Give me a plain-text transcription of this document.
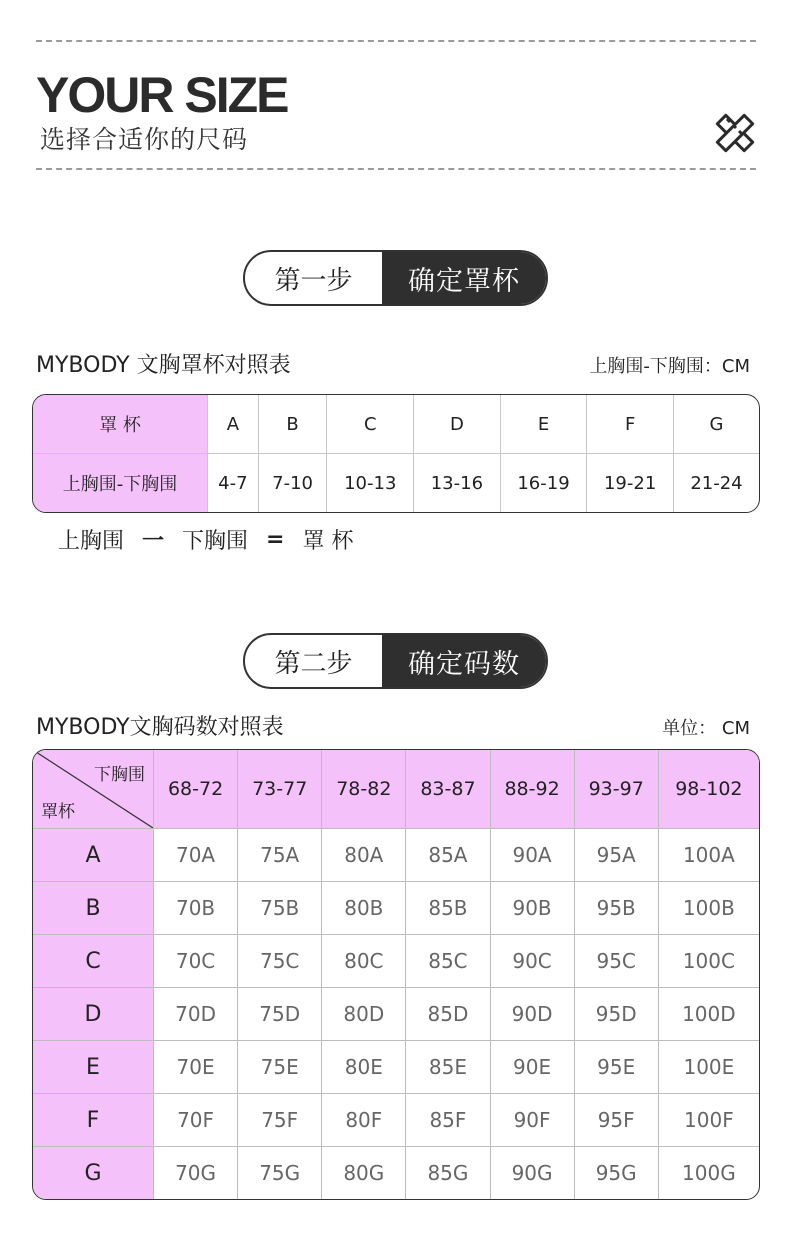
YOUR SIZE
选择合适你的尺码
第一步	确定罩杯
MYBODY 文胸罩杯对照表	上胸围-下胸围：CM
罩 杯	A	B	C	D	E	F	G
上胸围-下胸围	4-7	7-10	10-13	13-16	16-19	19-21	21-24
上胸围 一 下胸围 = 罩 杯
第二步	确定码数
MYBODY文胸码数对照表	单位： CM
下胸围
罩杯	68-72	73-77	78-82	83-87	88-92	93-97	98-102
A	70A	75A	80A	85A	90A	95A	100A
B	70B	75B	80B	85B	90B	95B	100B
C	70C	75C	80C	85C	90C	95C	100C
D	70D	75D	80D	85D	90D	95D	100D
E	70E	75E	80E	85E	90E	95E	100E
F	70F	75F	80F	85F	90F	95F	100F
G	70G	75G	80G	85G	90G	95G	100G
